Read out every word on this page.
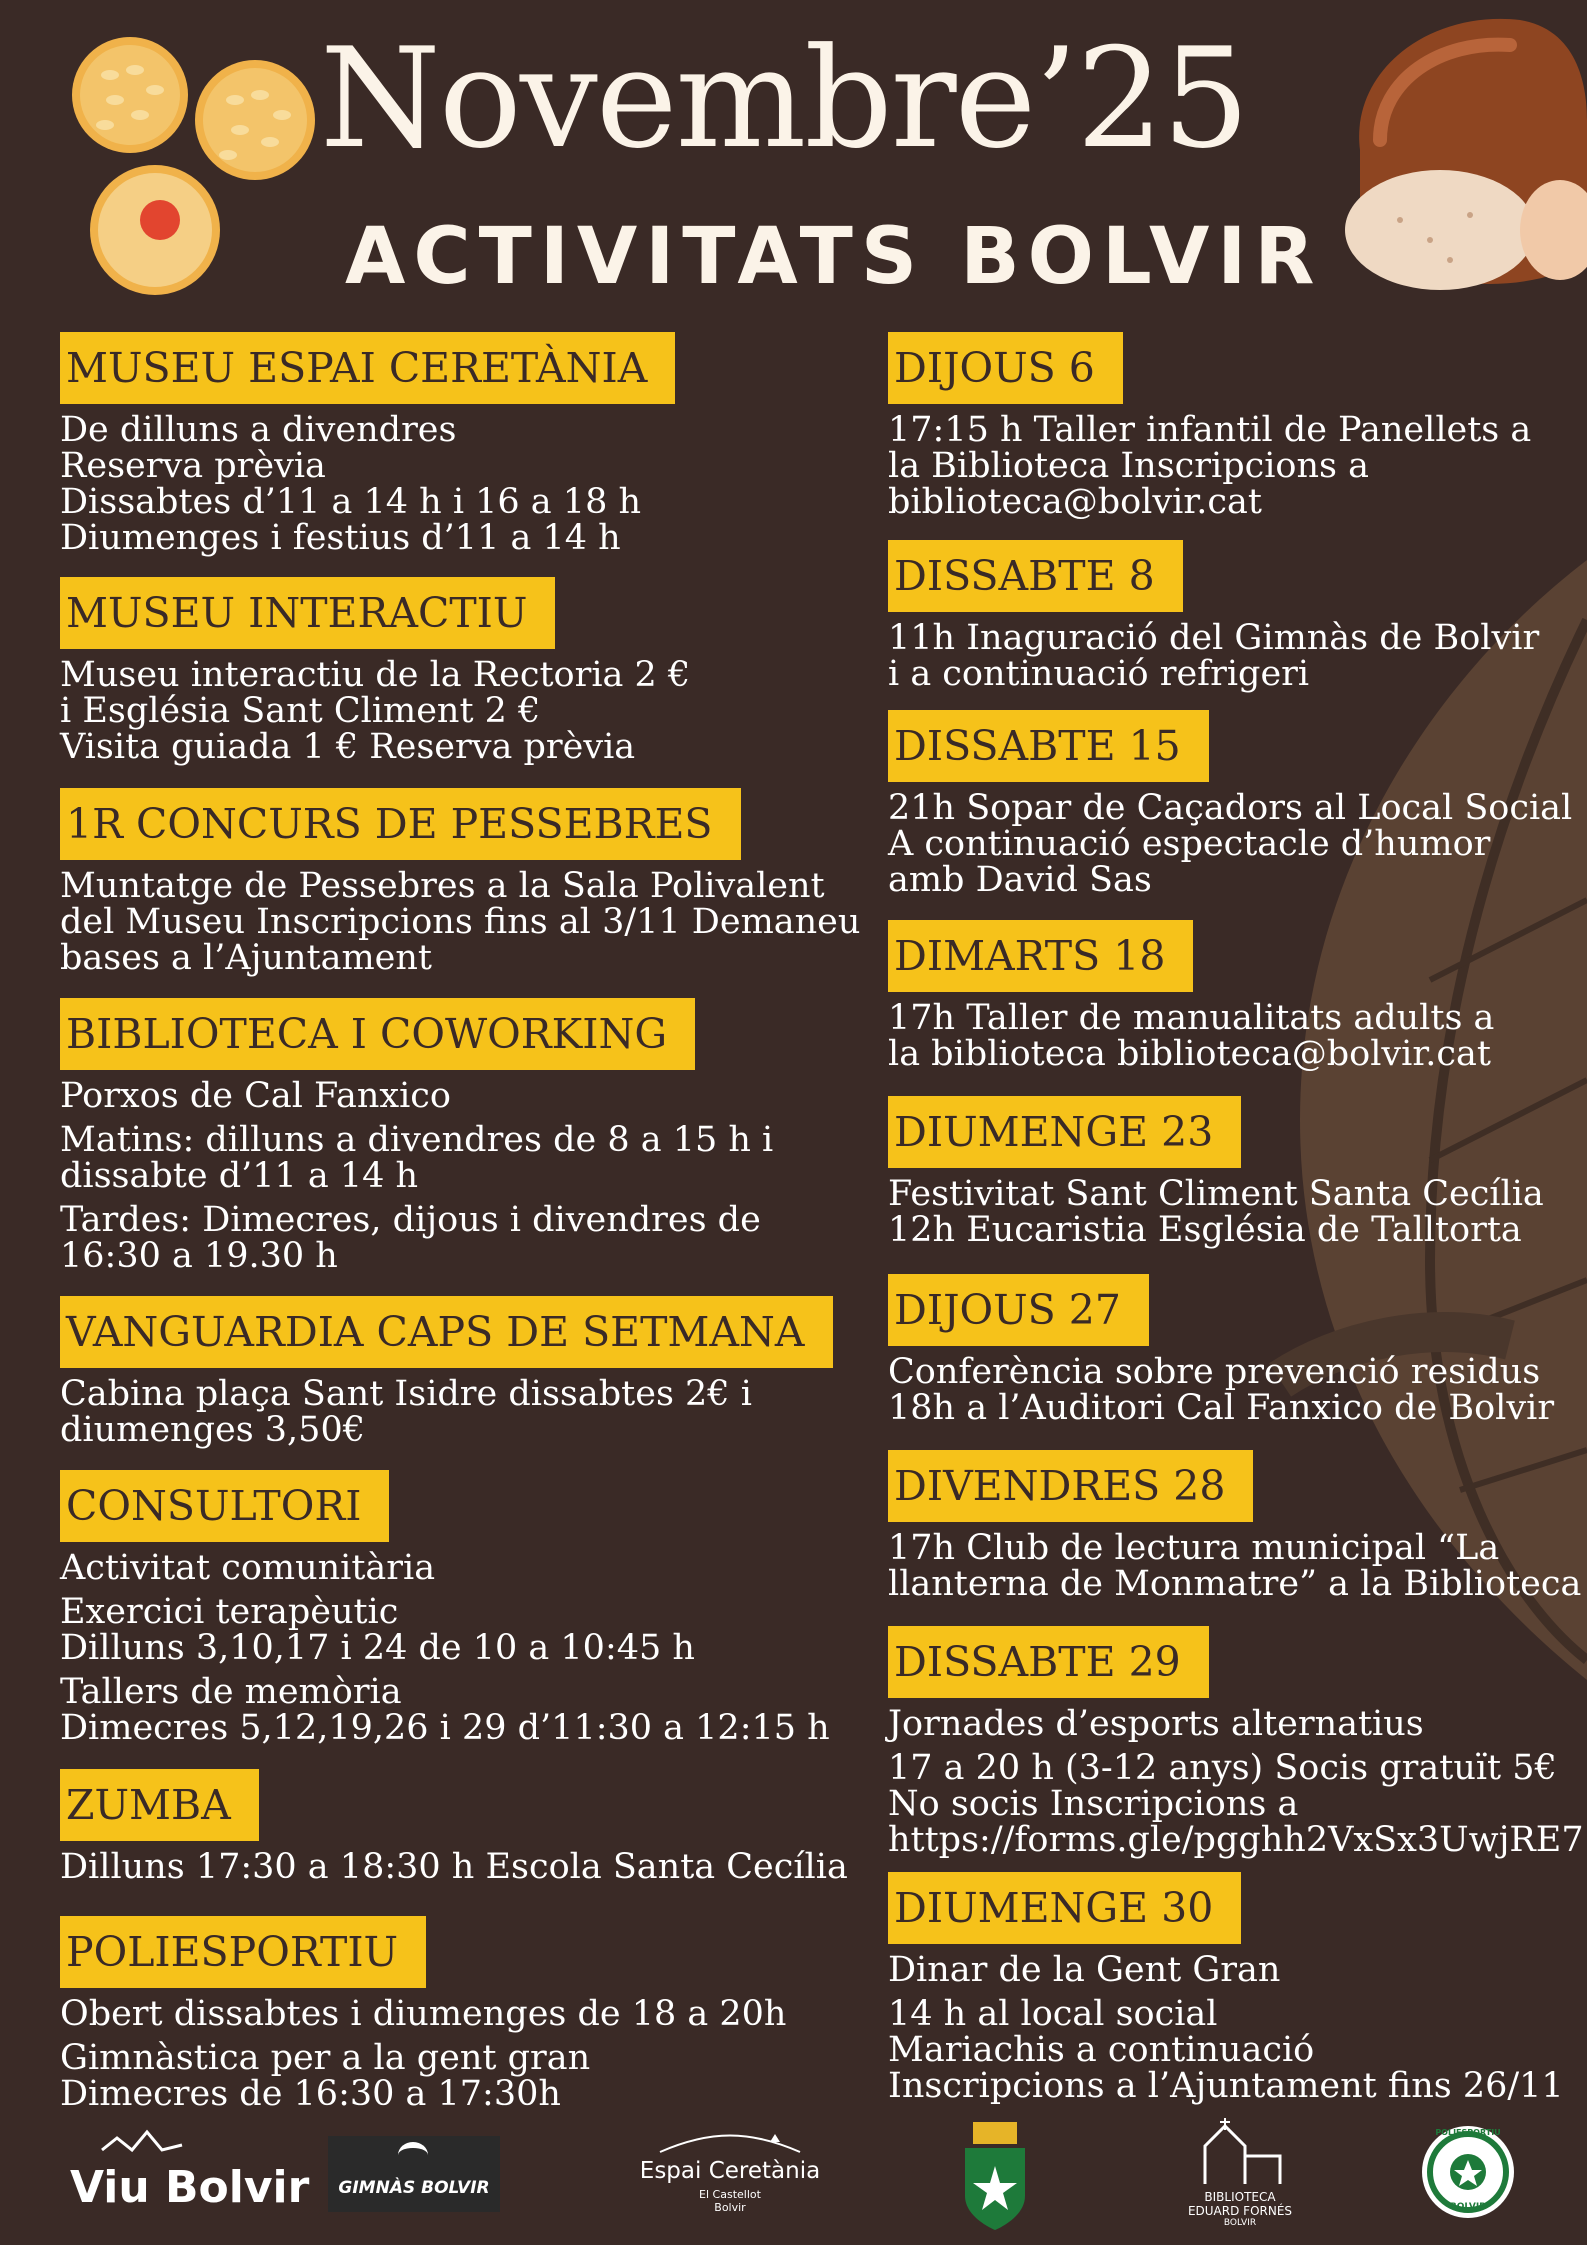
Novembre’25
ACTIVITATS BOLVIR
MUSEU ESPAI CERETÀNIA
De dilluns a divendres
Reserva prèvia
Dissabtes d’11 a 14 h i 16 a 18 h
Diumenges i festius d’11 a 14 h
MUSEU INTERACTIU
Museu interactiu de la Rectoria 2 €
i Església Sant Climent 2 €
Visita guiada 1 € Reserva prèvia
1R CONCURS DE PESSEBRES
Muntatge de Pessebres a la Sala Polivalent
del Museu Inscripcions fins al 3/11 Demaneu
bases a l’Ajuntament
BIBLIOTECA I COWORKING
Porxos de Cal Fanxico
Matins: dilluns a divendres de 8 a 15 h i
dissabte d’11 a 14 h
Tardes: Dimecres, dijous i divendres de
16:30 a 19.30 h
VANGUARDIA CAPS DE SETMANA
Cabina plaça Sant Isidre dissabtes 2€ i
diumenges 3,50€
CONSULTORI
Activitat comunitària
Exercici terapèutic
Dilluns 3,10,17 i 24 de 10 a 10:45 h
Tallers de memòria
Dimecres 5,12,19,26 i 29 d’11:30 a 12:15 h
ZUMBA
Dilluns 17:30 a 18:30 h Escola Santa Cecília
POLIESPORTIU
Obert dissabtes i diumenges de 18 a 20h
Gimnàstica per a la gent gran
Dimecres de 16:30 a 17:30h
DIJOUS 6
17:15 h Taller infantil de Panellets a
la Biblioteca Inscripcions a
biblioteca@bolvir.cat
DISSABTE 8
11h Inaguració del Gimnàs de Bolvir
i a continuació refrigeri
DISSABTE 15
21h Sopar de Caçadors al Local Social
A continuació espectacle d’humor
amb David Sas
DIMARTS 18
17h Taller de manualitats adults a
la biblioteca biblioteca@bolvir.cat
DIUMENGE 23
Festivitat Sant Climent Santa Cecília
12h Eucaristia Església de Talltorta
DIJOUS 27
Conferència sobre prevenció residus
18h a l’Auditori Cal Fanxico de Bolvir
DIVENDRES 28
17h Club de lectura municipal “La
llanterna de Monmatre” a la Biblioteca
DISSABTE 29
Jornades d’esports alternatius
17 a 20 h (3-12 anys) Socis gratuït 5€
No socis Inscripcions a
https://forms.gle/pgghh2VxSx3UwjRE7
DIUMENGE 30
Dinar de la Gent Gran
14 h al local social
Mariachis a continuació
Inscripcions a l’Ajuntament fins 26/11
Viu Bolvir	GIMNÀS BOLVIR
Espai Ceretània
El Castellot
Bolvir
BIBLIOTECA
EDUARD FORNÉS
BOLVIR
POLIESPORTIU
BOLVIR
